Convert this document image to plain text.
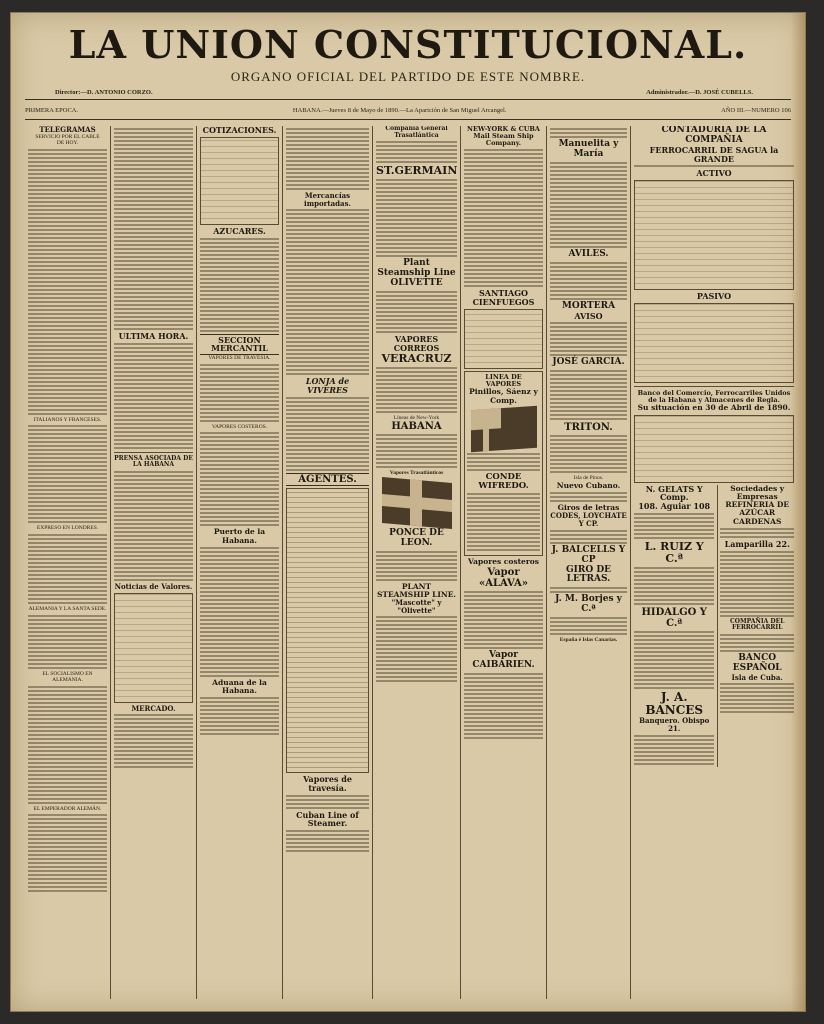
LA UNION CONSTITUCIONAL.
ORGANO OFICIAL DEL PARTIDO DE ESTE NOMBRE.
Director:—D. ANTONIO CORZO.	Administrador.—D. JOSÉ CUBELLS.
PRIMERA EPOCA.	HABANA.—Jueves 8 de Mayo de 1890.—La Aparición de San Miguel Arcangel.	AÑO III.—NUMERO 106
TELEGRAMAS
SERVICIO POR EL CABLE
DE HOY.
ITALIANOS Y FRANCESES.
EXPRESO EN LONDRES.
ALEMANIA Y LA SANTA SEDE.
EL SOCIALISMO EN ALEMANIA.
EL EMPERADOR ALEMÁN.
ULTIMA HORA.
PRENSA ASOCIADA DE LA HABANA
Noticias de Valores.
MERCADO.
COTIZACIONES.
AZUCARES.
SECCION MERCANTIL
VAPORES DE TRAVESIA.
VAPORES COSTEROS.
Puerto de la Habana.
Aduana de la Habana.
Mercancías importadas.
LONJA de VIVERES
AGENTES.
Vapores de travesía.
Cuban Line of Steamer.
Compañía General Trasatlántica
ST.GERMAIN
Plant Steamship Line
OLIVETTE
VAPORES CORREOS
VERACRUZ
Líneas de New-York
HABANA
Vapores Trasatlánticos
PONCE DE LEON.
PLANT STEAMSHIP LINE.
"Mascotte" y "Olivette"
NEW-YORK & CUBA Mail Steam Ship Company.
SANTIAGO
CIENFUEGOS
LINEA DE VAPORES
Pinillos, Sáenz y Comp.
CONDE WIFREDO.
Vapores costeros
Vapor «ALAVA»
Vapor CAIBARIEN.
Manuelita y María
AVILES.
MORTERA
AVISO
JOSÉ GARCIA.
TRITON.
Isla de Pinos.
Nuevo Cubano.
Giros de letras
CODES, LOYCHATE Y CP.
J. BALCELLS Y CP
GIRO DE LETRAS.
J. M. Borjes y C.ª
España é Islas Canarias.
CONTADURIA DE LA COMPAÑIA
FERROCARRIL DE SAGUA la GRANDE
ACTIVO
PASIVO
Banco del Comercio, Ferrocarriles Unidos de la Habana y Almacenes de Regla.
Su situación en 30 de Abril de 1890.
N. GELATS Y Comp.
108. Aguiar 108
L. RUIZ Y C.ª
HIDALGO Y C.ª
J. A. BANCES
Banquero. Obispo 21.
Sociedades y Empresas
REFINERIA DE AZÚCAR CARDENAS
Lamparilla 22.
COMPAÑIA DEL FERROCARRIL
BANCO ESPAÑOL
Isla de Cuba.
